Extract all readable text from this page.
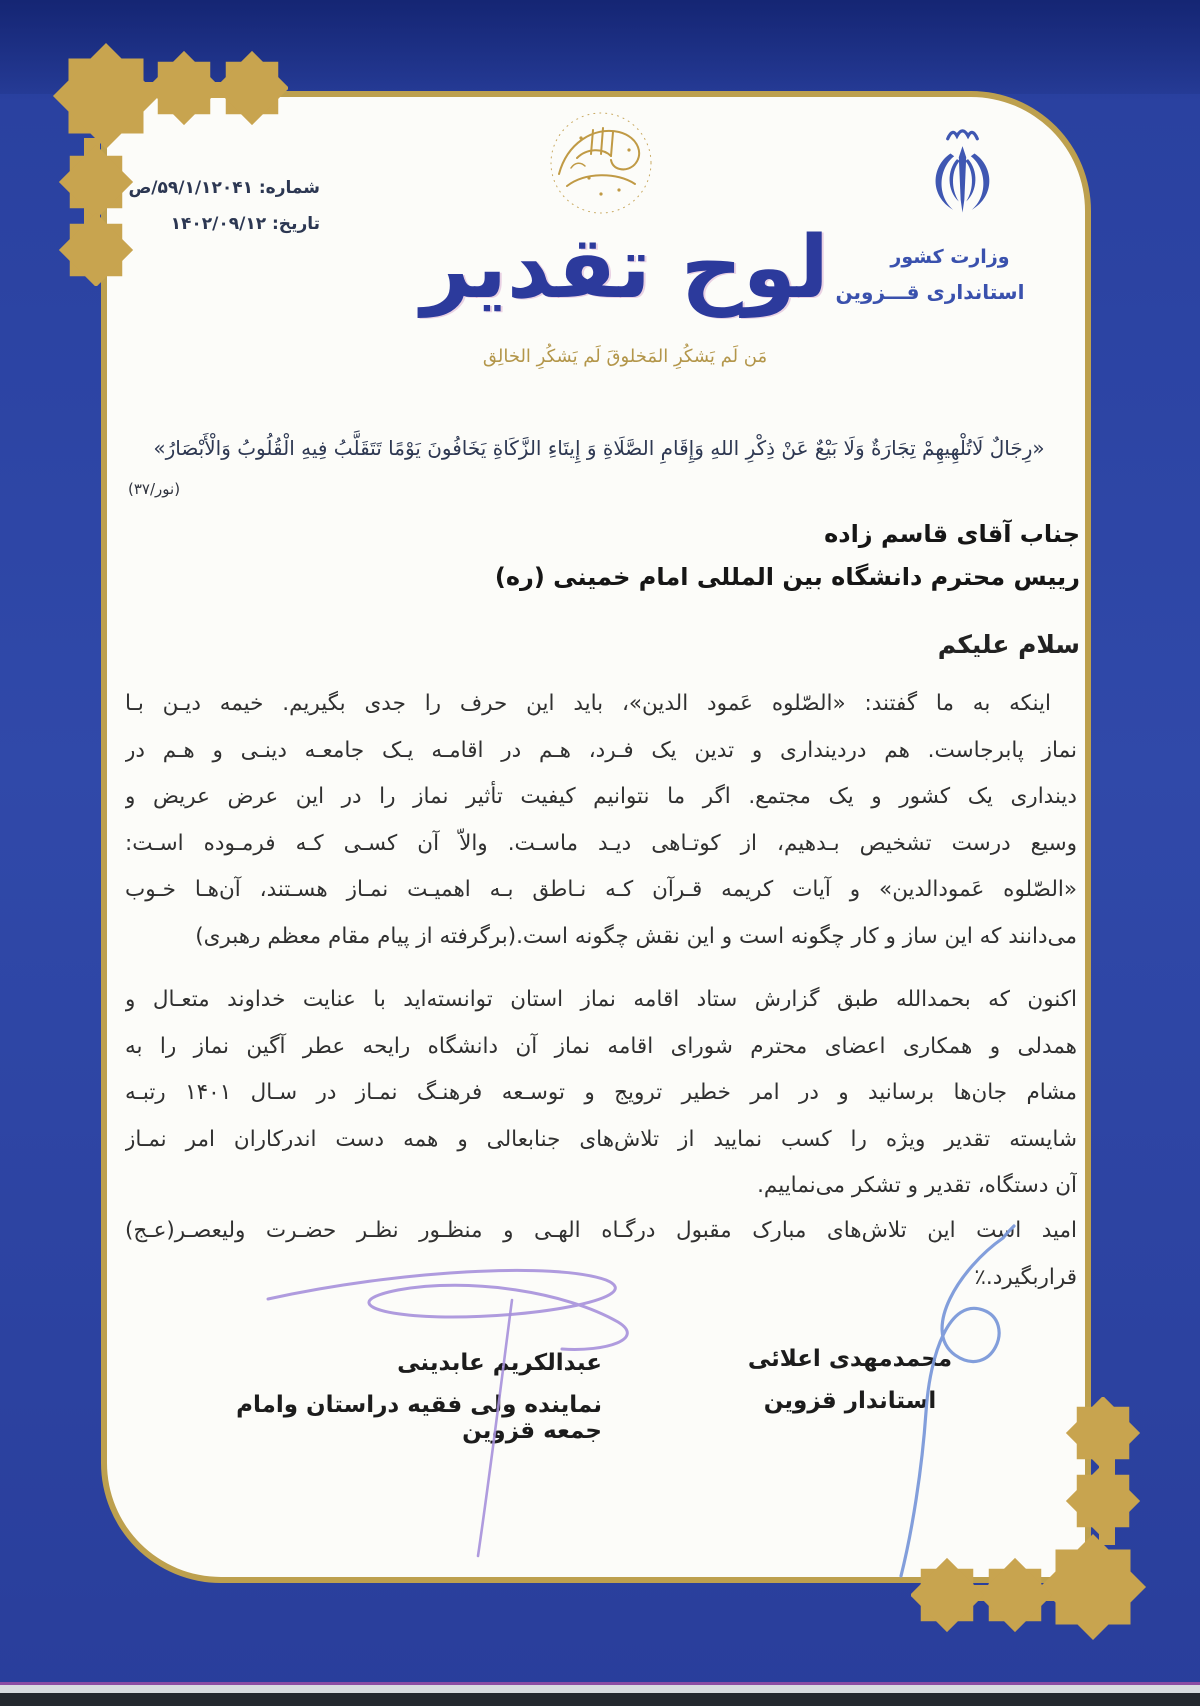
شماره: ۵۹/۱/۱۲۰۴۱/ص
تاریخ: ۱۴۰۲/۰۹/۱۲	لوح تقدیر
مَن لَم یَشکُرِ المَخلوقَ لَم یَشکُرِ الخالِق
وزارت کشور
استانداری قـــزوین
«رِجَالٌ لَاتُلْهِيهِمْ تِجَارَةٌ وَلَا بَيْعٌ عَنْ ذِكْرِ اللهِ وَإِقَامِ الصَّلَاةِ وَ إِيتَاءِ الزَّكَاةِ يَخَافُونَ يَوْمًا تَتَقَلَّبُ فِيهِ الْقُلُوبُ وَالْأَبْصَارُ»
(نور/۳۷)
جناب آقای قاسم زاده
رییس محترم دانشگاه بین المللی امام خمینی (ره)
سلام علیکم
اینکه به ما گفتند: «الصّلوه عَمود الدین»، باید این حرف را جدی بگیریم. خیمه دیـن بـا
نماز پابرجاست. هم دردینداری و تدین یک فـرد، هـم در اقامـه یـک جامعـه دینـی و هـم در
دینداری یک کشور و یک مجتمع. اگر ما نتوانیم کیفیت تأثیر نماز را در این عرض عریض و
وسیع درست تشخیص بـدهیم، از کوتـاهی دیـد ماسـت. والاّ آن کسـی کـه فرمـوده اسـت:
«الصّلوه عَمودالدین» و آیات کریمه قـرآن کـه نـاطق بـه اهمیـت نمـاز هسـتند، آن‌هـا خـوب
می‌دانند که این ساز و کار چگونه است و این نقش چگونه است.(برگرفته از پیام مقام معظم رهبری)
اکنون که بحمدالله طبق گزارش ستاد اقامه نماز استان توانسته‌اید با عنایت خداوند متعـال و
همدلی و همکاری اعضای محترم شورای اقامه نماز آن دانشگاه رایحه عطر آگین نماز را به
مشام جان‌ها برسانید و در امر خطیر ترویج و توسـعه فرهنـگ نمـاز در سـال ۱۴۰۱ رتبـه
شایسته تقدیر ویژه را کسب نمایید از تلاش‌های جنابعالی و همه دست اندرکاران امر نمـاز
آن دستگاه، تقدیر و تشکر می‌نماییم.
امید است این تلاش‌های مبارک مقبول درگـاه الهـی و منظـور نظـر حضـرت ولیعصـر(عـج)
قراربگیرد.٪
محمدمهدی اعلائی
استاندار قزوین
عبدالکریم عابدینی
نماینده ولی فقیه دراستان وامام جمعه قزوین
